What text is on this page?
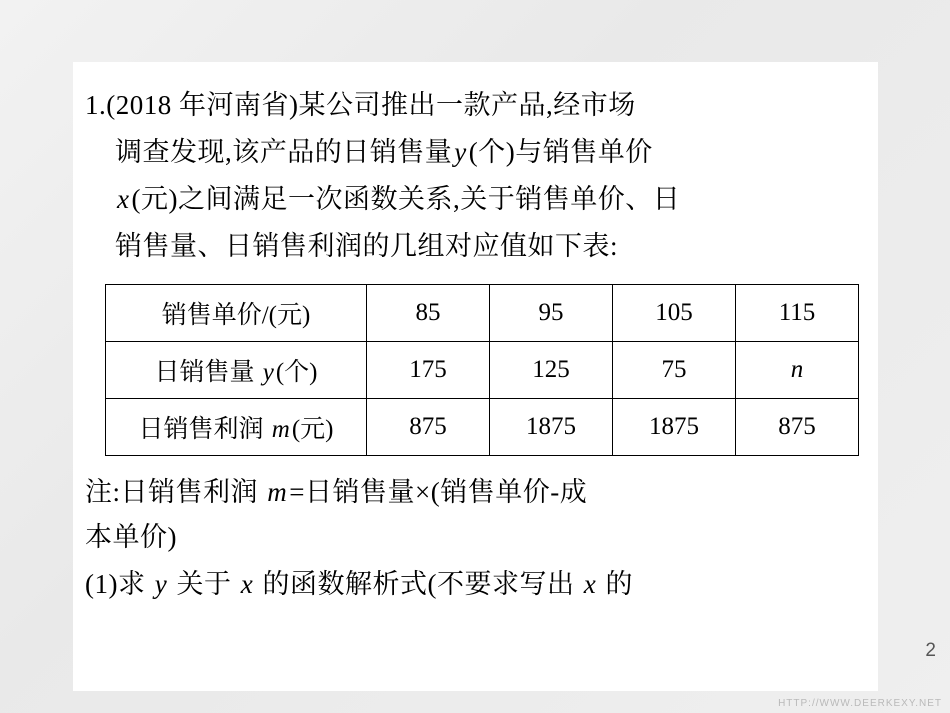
1.(2018 年河南省)某公司推出一款产品,经市场
调查发现,该产品的日销售量y(个)与销售单价
x(元)之间满足一次函数关系,关于销售单价、日
销售量、日销售利润的几组对应值如下表:
销售单价/(元)	85	95	105	115
日销售量 y(个)	175	125	75	n
日销售利润 m(元)	875	1875	1875	875
注:日销售利润 m=日销售量×(销售单价-成
本单价)
(1)求 y 关于 x 的函数解析式(不要求写出 x 的
2
HTTP://WWW.DEERKEXY.NET
